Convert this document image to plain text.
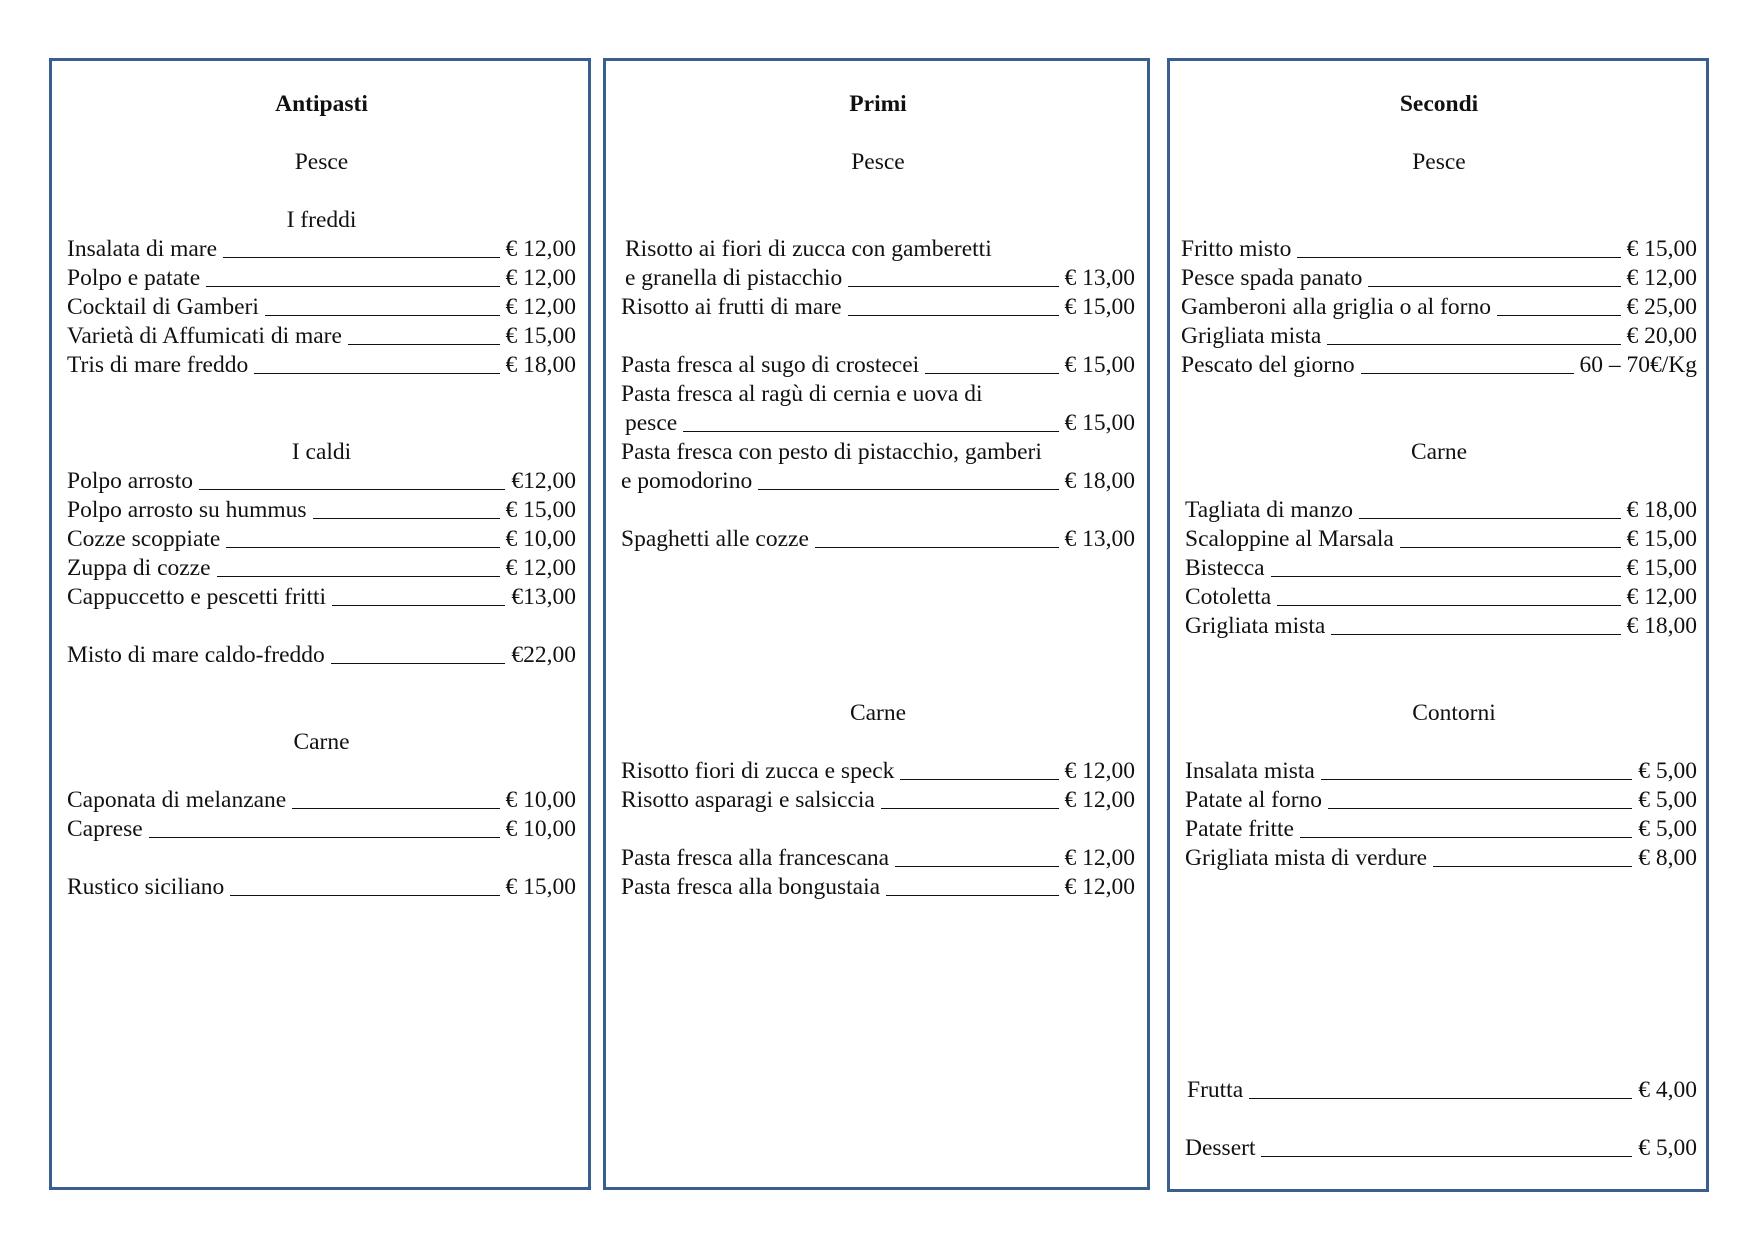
Antipasti
Pesce
I freddi
Insalata di mare	€ 12,00
Polpo e patate	€ 12,00
Cocktail di Gamberi	€ 12,00
Varietà di Affumicati di mare	€ 15,00
Tris di mare freddo	€ 18,00
I caldi
Polpo arrosto	€12,00
Polpo arrosto su hummus	€ 15,00
Cozze scoppiate	€ 10,00
Zuppa di cozze	€ 12,00
Cappuccetto e pescetti fritti	€13,00
Misto di mare caldo-freddo	€22,00
Carne
Caponata di melanzane	€ 10,00
Caprese	€ 10,00
Rustico siciliano	€ 15,00
Primi
Pesce
Risotto ai fiori di zucca con gamberetti
e granella di pistacchio	€ 13,00
Risotto ai frutti di mare	€ 15,00
Pasta fresca al sugo di crostecei	€ 15,00
Pasta fresca al ragù di cernia e uova di
pesce	€ 15,00
Pasta fresca con pesto di pistacchio, gamberi
e pomodorino	€ 18,00
Spaghetti alle cozze	€ 13,00
Carne
Risotto fiori di zucca e speck	€ 12,00
Risotto asparagi e salsiccia	€ 12,00
Pasta fresca alla francescana	€ 12,00
Pasta fresca alla bongustaia	€ 12,00
Secondi
Pesce
Fritto misto	€ 15,00
Pesce spada panato	€ 12,00
Gamberoni alla griglia o al forno	€ 25,00
Grigliata mista	€ 20,00
Pescato del giorno	60 – 70€/Kg
Carne
Tagliata di manzo	€ 18,00
Scaloppine al Marsala	€ 15,00
Bistecca	€ 15,00
Cotoletta	€ 12,00
Grigliata mista	€ 18,00
Contorni
Insalata mista	€ 5,00
Patate al forno	€ 5,00
Patate fritte	€ 5,00
Grigliata mista di verdure	€ 8,00
Frutta	€ 4,00
Dessert	€ 5,00
